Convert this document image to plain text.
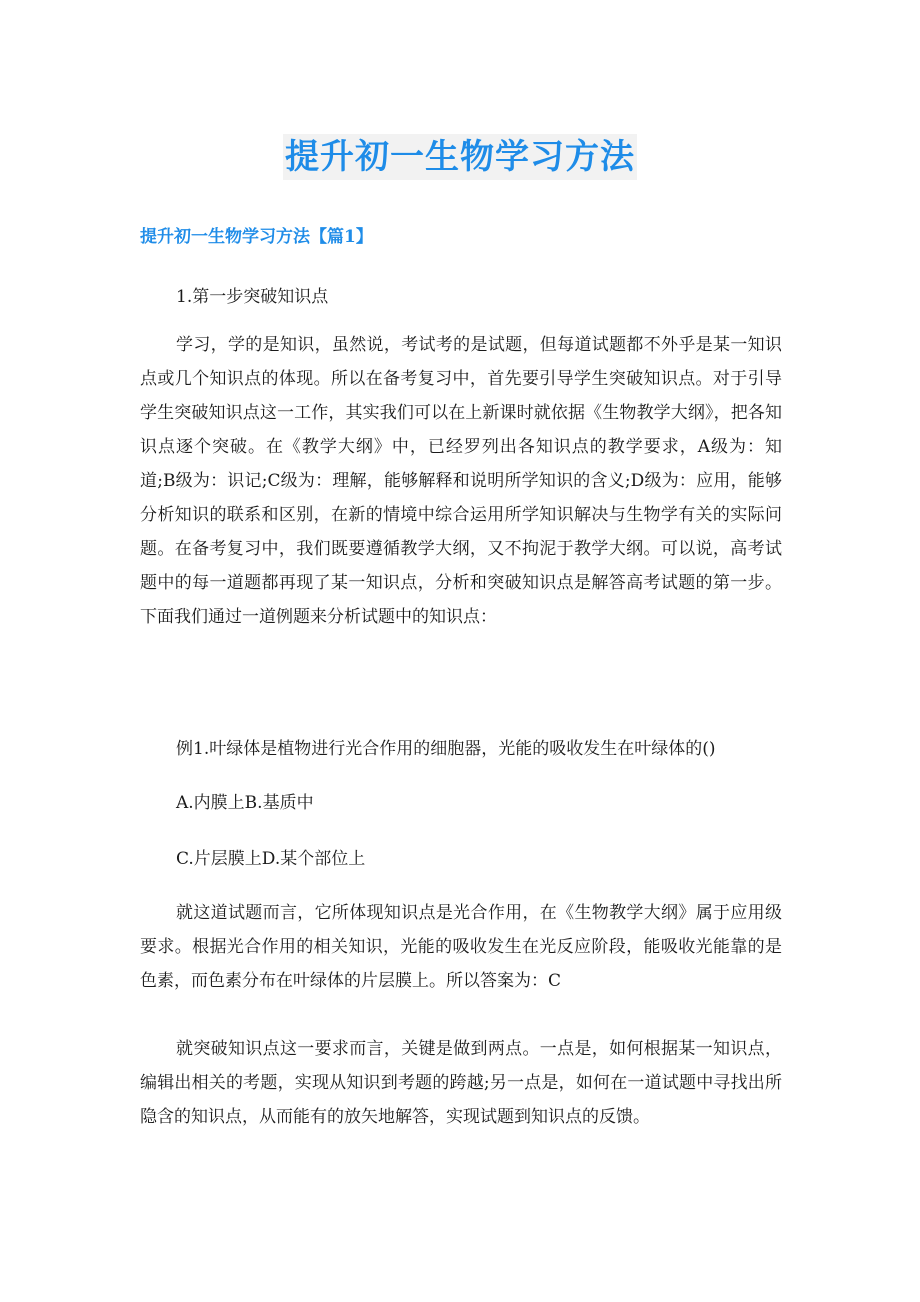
提升初一生物学习方法
提升初一生物学习方法【篇1】

1.第一步突破知识点

学习，学的是知识，虽然说，考试考的是试题，但每道试题都不外乎是某一知识点或几个知识点的体现。所以在备考复习中，首先要引导学生突破知识点。对于引导学生突破知识点这一工作，其实我们可以在上新课时就依据《生物教学大纲》，把各知识点逐个突破。在《教学大纲》中，已经罗列出各知识点的教学要求，A级为：知道;B级为：识记;C级为：理解，能够解释和说明所学知识的含义;D级为：应用，能够分析知识的联系和区别，在新的情境中综合运用所学知识解决与生物学有关的实际问题。在备考复习中，我们既要遵循教学大纲，又不拘泥于教学大纲。可以说，高考试题中的每一道题都再现了某一知识点，分析和突破知识点是解答高考试题的第一步。下面我们通过一道例题来分析试题中的知识点：

例1.叶绿体是植物进行光合作用的细胞器，光能的吸收发生在叶绿体的()

A.内膜上B.基质中

C.片层膜上D.某个部位上

就这道试题而言，它所体现知识点是光合作用，在《生物教学大纲》属于应用级要求。根据光合作用的相关知识，光能的吸收发生在光反应阶段，能吸收光能靠的是色素，而色素分布在叶绿体的片层膜上。所以答案为：C

就突破知识点这一要求而言，关键是做到两点。一点是，如何根据某一知识点，编辑出相关的考题，实现从知识到考题的跨越;另一点是，如何在一道试题中寻找出所隐含的知识点，从而能有的放矢地解答，实现试题到知识点的反馈。
